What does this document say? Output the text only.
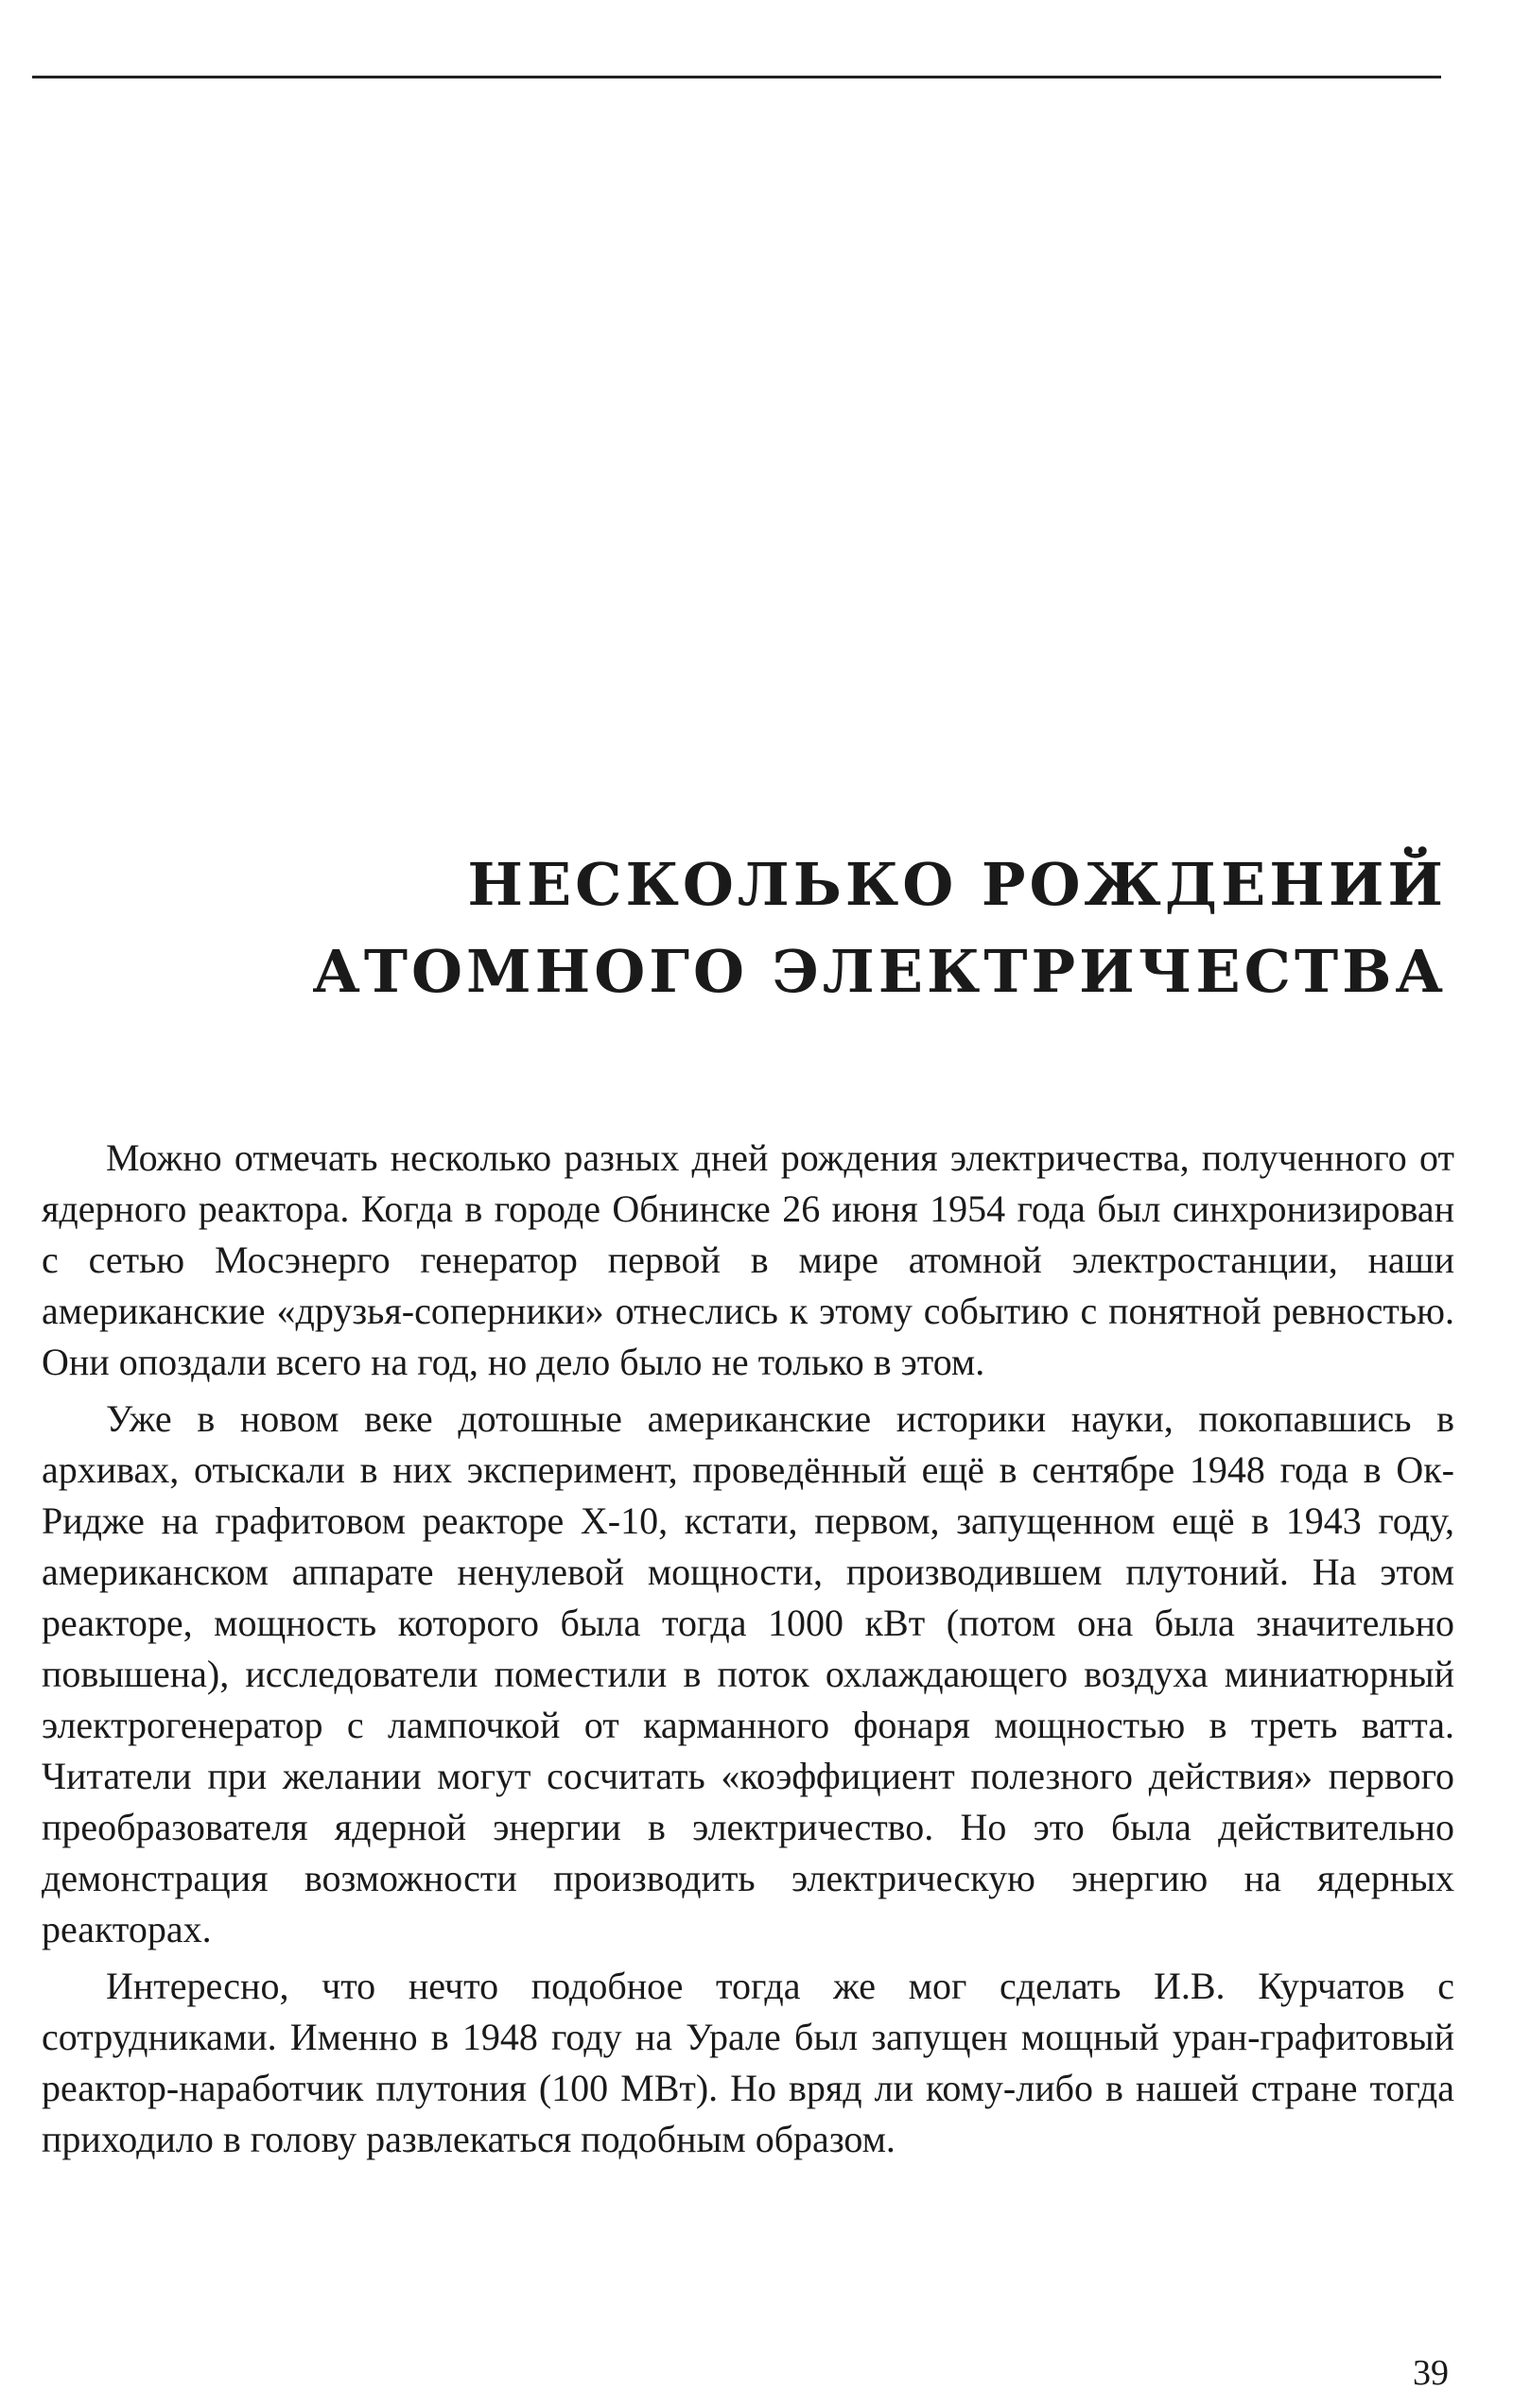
НЕСКОЛЬКО РОЖДЕНИЙ
АТОМНОГО ЭЛЕКТРИЧЕСТВА

Можно отмечать несколько разных дней рождения электричества, полученного от ядерного реактора. Когда в городе Обнинске 26 июня 1954 года был синхронизирован с сетью Мосэнерго генератор первой в мире атомной электростанции, наши американские «друзья-соперники» отнеслись к этому событию с понятной ревностью. Они опоздали всего на год, но дело было не только в этом.

Уже в новом веке дотошные американские историки науки, покопавшись в архивах, отыскали в них эксперимент, проведённый ещё в сентябре 1948 года в Ок-Ридже на графитовом реакторе X-10, кстати, первом, запущенном ещё в 1943 году, американском аппарате ненулевой мощности, производившем плутоний. На этом реакторе, мощность которого была тогда 1000 кВт (потом она была значительно повышена), исследователи поместили в поток охлаждающего воздуха миниатюрный электрогенератор с лампочкой от карманного фонаря мощностью в треть ватта. Читатели при желании могут сосчитать «коэффициент полезного действия» первого преобразователя ядерной энергии в электричество. Но это была действительно демонстрация возможности производить электрическую энергию на ядерных реакторах.

Интересно, что нечто подобное тогда же мог сделать И.В. Курчатов с сотрудниками. Именно в 1948 году на Урале был запущен мощный уран-графитовый реактор-наработчик плутония (100 МВт). Но вряд ли кому-либо в нашей стране тогда приходило в голову развлекаться подобным образом.

39
